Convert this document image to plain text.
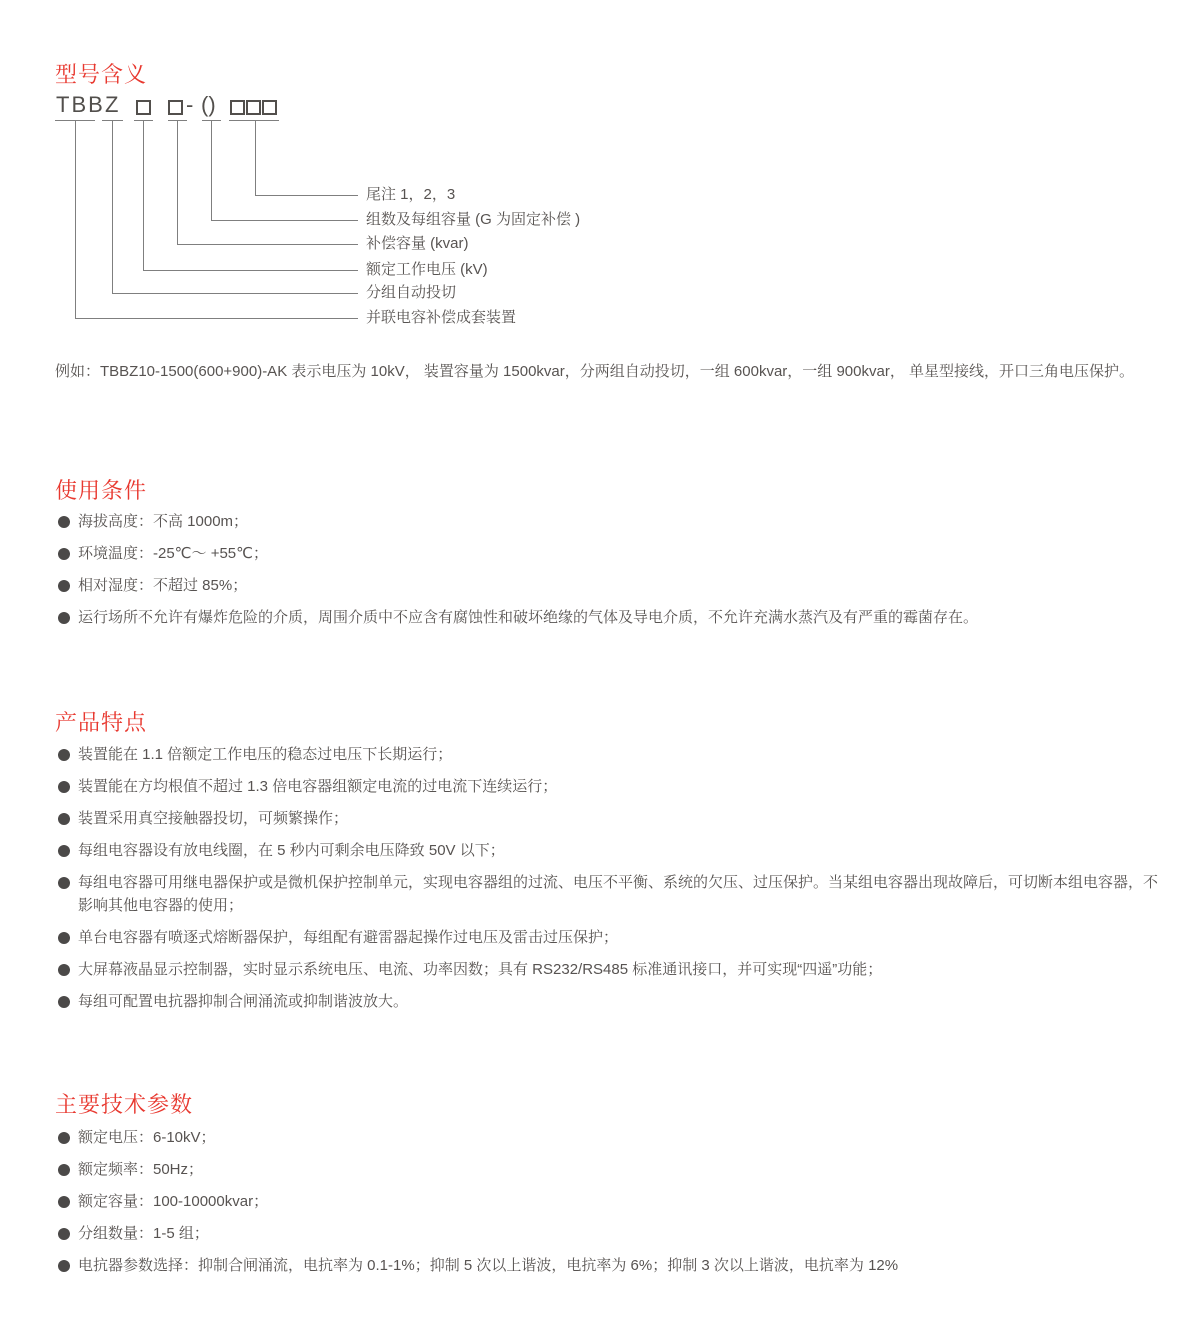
型号含义
TBB Z	- ()
尾注 1，2，3
组数及每组容量 (G 为固定补偿 )
补偿容量 (kvar)
额定工作电压 (kV)
分组自动投切
并联电容补偿成套装置

例如：TBBZ10-1500(600+900)-AK 表示电压为 10kV， 装置容量为 1500kvar，分两组自动投切，一组 600kvar，一组 900kvar， 单星型接线，开口三角电压保护。

使用条件
海拔高度：不高 1000m；
环境温度：-25℃～ +55℃；
相对湿度：不超过 85%；
运行场所不允许有爆炸危险的介质，周围介质中不应含有腐蚀性和破坏绝缘的气体及导电介质，不允许充满水蒸汽及有严重的霉菌存在。
产品特点
装置能在 1.1 倍额定工作电压的稳态过电压下长期运行；
装置能在方均根值不超过 1.3 倍电容器组额定电流的过电流下连续运行；
装置采用真空接触器投切，可频繁操作；
每组电容器设有放电线圈，在 5 秒内可剩余电压降致 50V 以下；
每组电容器可用继电器保护或是微机保护控制单元，实现电容器组的过流、电压不平衡、系统的欠压、过压保护。当某组电容器出现故障后，可切断本组电容器，不影响其他电容器的使用；
单台电容器有喷逐式熔断器保护，每组配有避雷器起操作过电压及雷击过压保护；
大屏幕液晶显示控制器，实时显示系统电压、电流、功率因数；具有 RS232/RS485 标准通讯接口，并可实现“四遥”功能；
每组可配置电抗器抑制合闸涌流或抑制谐波放大。
主要技术参数
额定电压：6-10kV；
额定频率：50Hz；
额定容量：100-10000kvar；
分组数量：1-5 组；
电抗器参数选择：抑制合闸涌流，电抗率为 0.1-1%；抑制 5 次以上谐波，电抗率为 6%；抑制 3 次以上谐波，电抗率为 12%
